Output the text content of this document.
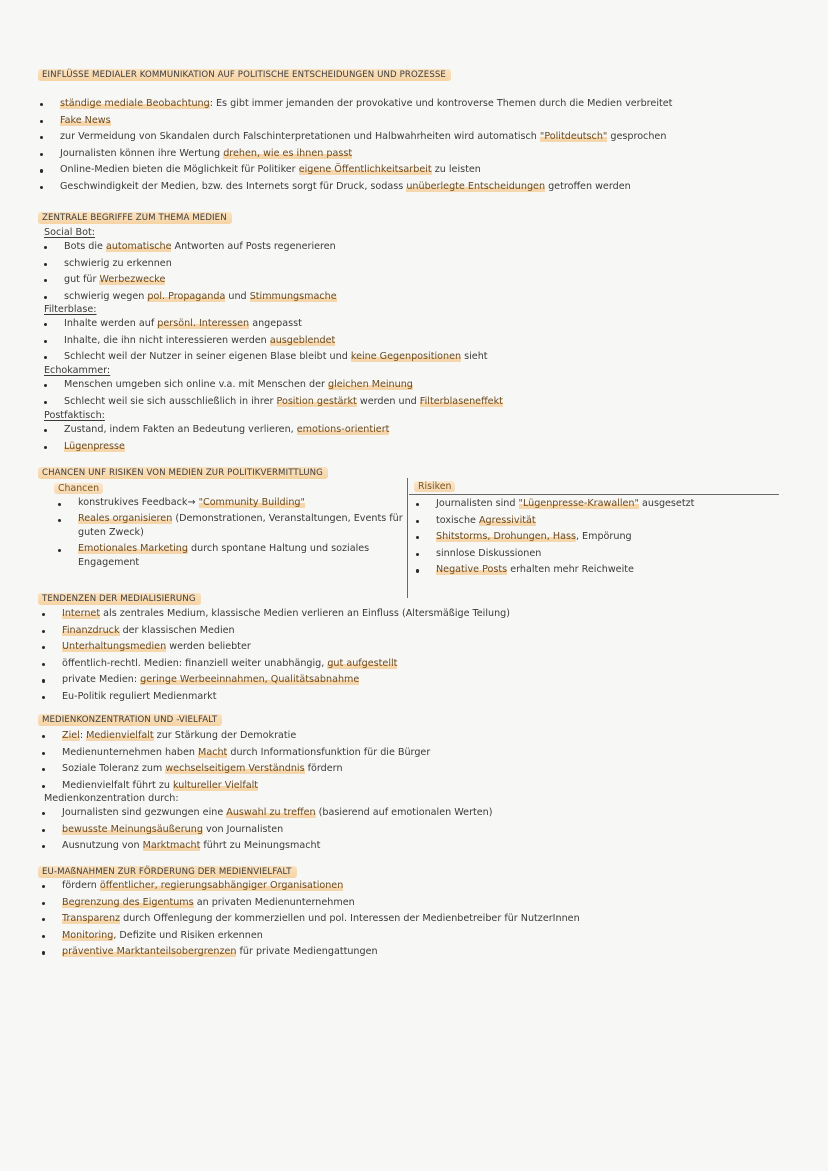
EINFLÜSSE MEDIALER KOMMUNIKATION AUF POLITISCHE ENTSCHEIDUNGEN UND PROZESSE
ständige mediale Beobachtung: Es gibt immer jemanden der provokative und kontroverse Themen durch die Medien verbreitet
Fake News
zur Vermeidung von Skandalen durch Falschinterpretationen und Halbwahrheiten wird automatisch "Politdeutsch" gesprochen
Journalisten können ihre Wertung drehen, wie es ihnen passt
Online-Medien bieten die Möglichkeit für Politiker eigene Öffentlichkeitsarbeit zu leisten
Geschwindigkeit der Medien, bzw. des Internets sorgt für Druck, sodass unüberlegte Entscheidungen getroffen werden
ZENTRALE BEGRIFFE ZUM THEMA MEDIEN
Social Bot:
Bots die automatische Antworten auf Posts regenerieren
schwierig zu erkennen
gut für Werbezwecke
schwierig wegen pol. Propaganda und Stimmungsmache
Filterblase:
Inhalte werden auf persönl. Interessen angepasst
Inhalte, die ihn nicht interessieren werden ausgeblendet
Schlecht weil der Nutzer in seiner eigenen Blase bleibt und keine Gegenpositionen sieht
Echokammer:
Menschen umgeben sich online v.a. mit Menschen der gleichen Meinung
Schlecht weil sie sich ausschließlich in ihrer Position gestärkt werden und Filterblaseneffekt
Postfaktisch:
Zustand, indem Fakten an Bedeutung verlieren, emotions-orientiert
Lügenpresse
CHANCEN UNF RISIKEN VON MEDIEN ZUR POLITIKVERMITTLUNG
Chancen	Risiken
konstrukives Feedback→ "Community Building"
Reales organisieren (Demonstrationen, Veranstaltungen, Events für guten Zweck)
Emotionales Marketing durch spontane Haltung und soziales Engagement
Journalisten sind "Lügenpresse-Krawallen" ausgesetzt
toxische Agressivität
Shitstorms, Drohungen, Hass, Empörung
sinnlose Diskussionen
Negative Posts erhalten mehr Reichweite
TENDENZEN DER MEDIALISIERUNG
Internet als zentrales Medium, klassische Medien verlieren an Einfluss (Altersmäßige Teilung)
Finanzdruck der klassischen Medien
Unterhaltungsmedien werden beliebter
öffentlich-rechtl. Medien: finanziell weiter unabhängig, gut aufgestellt
private Medien: geringe Werbeeinnahmen, Qualitätsabnahme
Eu-Politik reguliert Medienmarkt
MEDIENKONZENTRATION UND -VIELFALT
Ziel: Medienvielfalt zur Stärkung der Demokratie
Medienunternehmen haben Macht durch Informationsfunktion für die Bürger
Soziale Toleranz zum wechselseitigem Verständnis fördern
Medienvielfalt führt zu kultureller Vielfalt
Medienkonzentration durch:
Journalisten sind gezwungen eine Auswahl zu treffen (basierend auf emotionalen Werten)
bewusste Meinungsäußerung von Journalisten
Ausnutzung von Marktmacht führt zu Meinungsmacht
EU-MAßNAHMEN ZUR FÖRDERUNG DER MEDIENVIELFALT
fördern öffentlicher, regierungsabhängiger Organisationen
Begrenzung des Eigentums an privaten Medienunternehmen
Transparenz durch Offenlegung der kommerziellen und pol. Interessen der Medienbetreiber für NutzerInnen
Monitoring, Defizite und Risiken erkennen
präventive Marktanteilsobergrenzen für private Mediengattungen
